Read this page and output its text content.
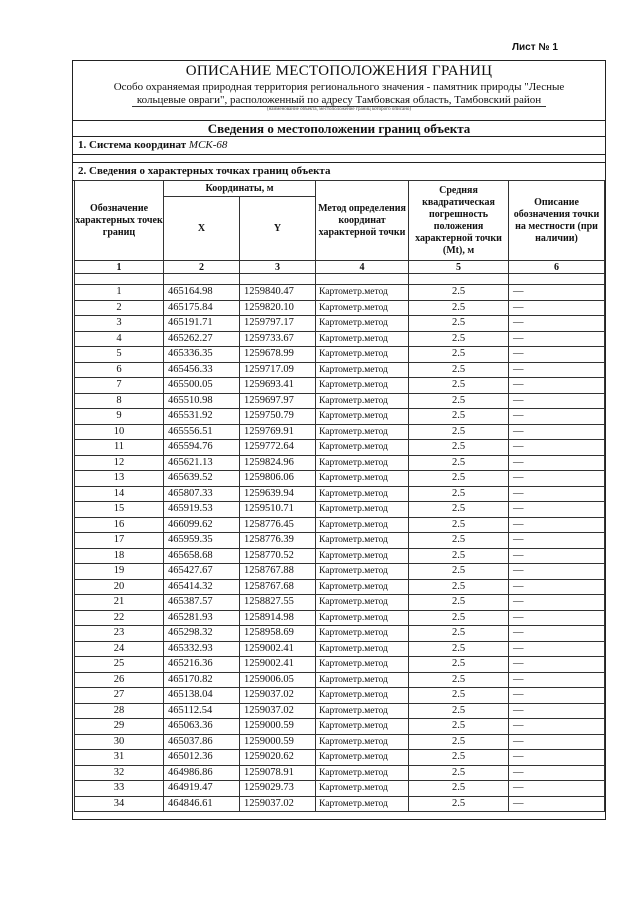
Лист № 1
ОПИСАНИЕ МЕСТОПОЛОЖЕНИЯ ГРАНИЦ
Особо охраняемая природная территория регионального значения - памятник природы "Лесные
кольцевые овраги", расположенный по адресу Тамбовская область, Тамбовский район
(наименование объекта, местоположение границ которого описано)
Сведения о местоположении границ объекта
1. Система координат МСК-68
2. Сведения о характерных точках границ объекта
Обозначение характерных точек границ	Координаты, м		Метод определения координат характерной точки	Средняя квадратическая погрешность положения характерной точки (Mt), м	Описание обозначения точки на местности (при наличии)
	X	Y			
1	2	3	4	5	6

1	465164.98	1259840.47	Картометр.метод	2.5	—
2	465175.84	1259820.10	Картометр.метод	2.5	—
3	465191.71	1259797.17	Картометр.метод	2.5	—
4	465262.27	1259733.67	Картометр.метод	2.5	—
5	465336.35	1259678.99	Картометр.метод	2.5	—
6	465456.33	1259717.09	Картометр.метод	2.5	—
7	465500.05	1259693.41	Картометр.метод	2.5	—
8	465510.98	1259697.97	Картометр.метод	2.5	—
9	465531.92	1259750.79	Картометр.метод	2.5	—
10	465556.51	1259769.91	Картометр.метод	2.5	—
11	465594.76	1259772.64	Картометр.метод	2.5	—
12	465621.13	1259824.96	Картометр.метод	2.5	—
13	465639.52	1259806.06	Картометр.метод	2.5	—
14	465807.33	1259639.94	Картометр.метод	2.5	—
15	465919.53	1259510.71	Картометр.метод	2.5	—
16	466099.62	1258776.45	Картометр.метод	2.5	—
17	465959.35	1258776.39	Картометр.метод	2.5	—
18	465658.68	1258770.52	Картометр.метод	2.5	—
19	465427.67	1258767.88	Картометр.метод	2.5	—
20	465414.32	1258767.68	Картометр.метод	2.5	—
21	465387.57	1258827.55	Картометр.метод	2.5	—
22	465281.93	1258914.98	Картометр.метод	2.5	—
23	465298.32	1258958.69	Картометр.метод	2.5	—
24	465332.93	1259002.41	Картометр.метод	2.5	—
25	465216.36	1259002.41	Картометр.метод	2.5	—
26	465170.82	1259006.05	Картометр.метод	2.5	—
27	465138.04	1259037.02	Картометр.метод	2.5	—
28	465112.54	1259037.02	Картометр.метод	2.5	—
29	465063.36	1259000.59	Картометр.метод	2.5	—
30	465037.86	1259000.59	Картометр.метод	2.5	—
31	465012.36	1259020.62	Картометр.метод	2.5	—
32	464986.86	1259078.91	Картометр.метод	2.5	—
33	464919.47	1259029.73	Картометр.метод	2.5	—
34	464846.61	1259037.02	Картометр.метод	2.5	—
